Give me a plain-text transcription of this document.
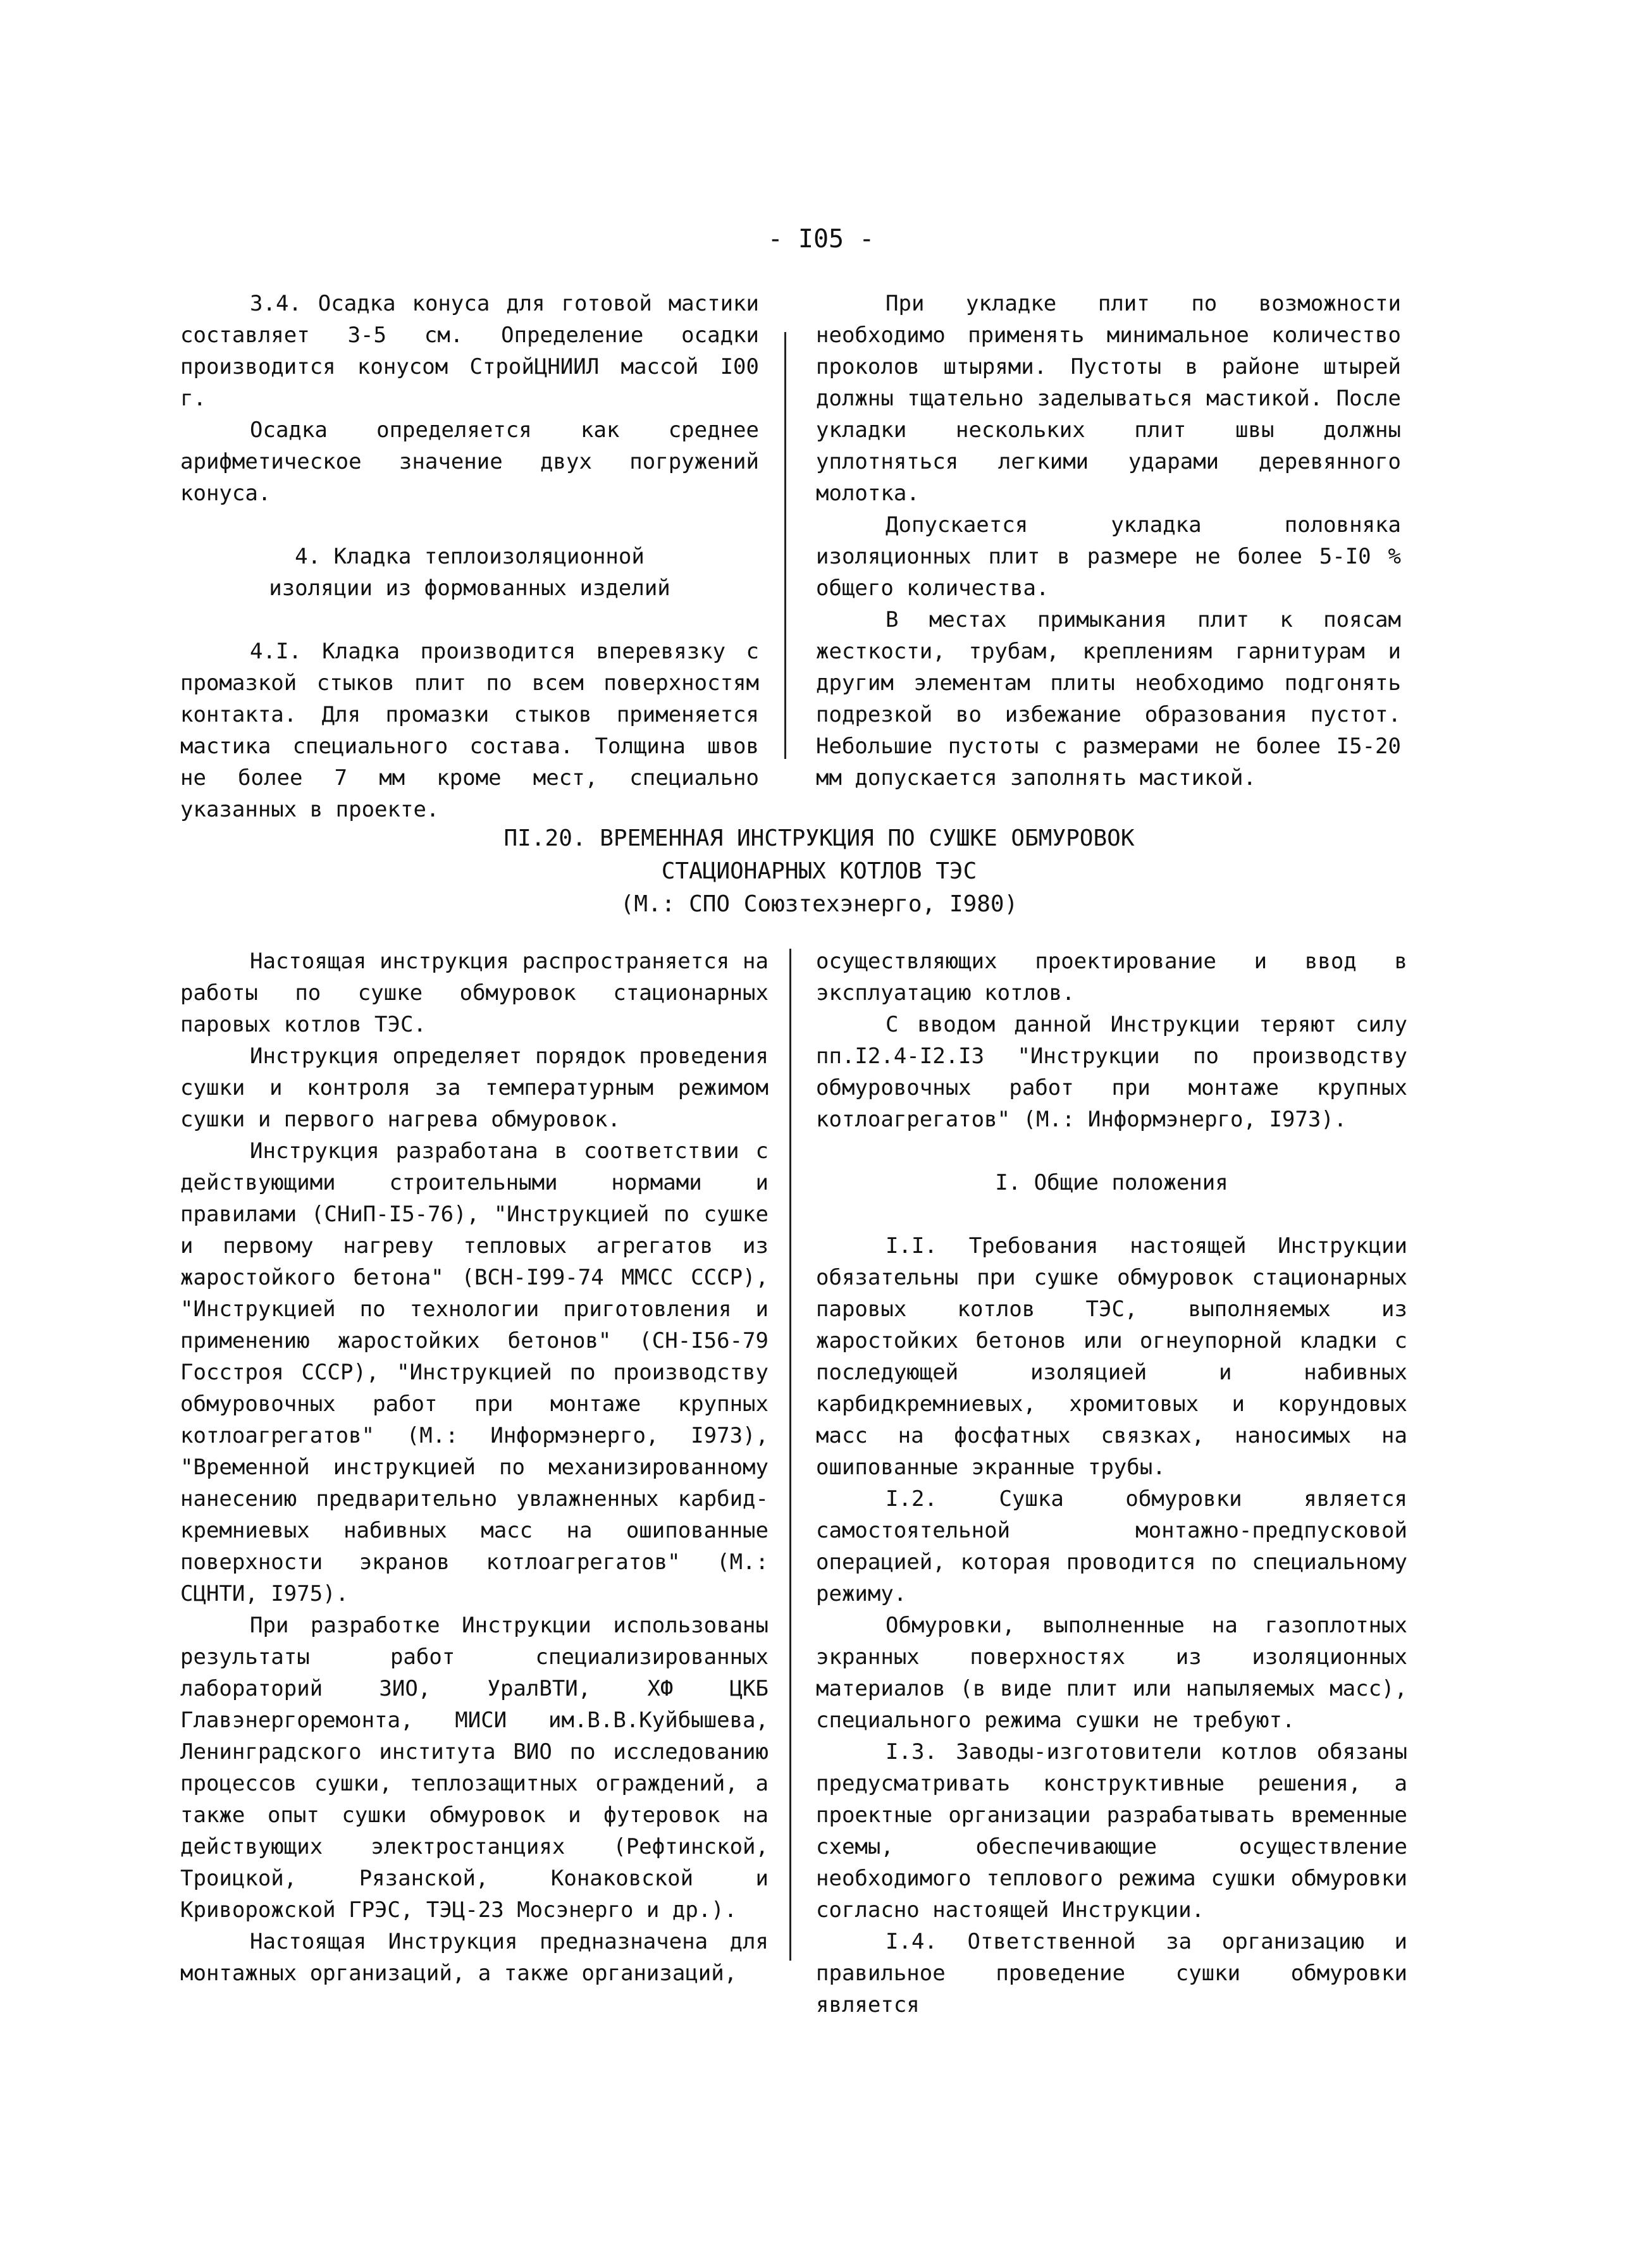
- I05 -

3.4. Осадка конуса для готовой мастики составляет 3-5 см. Определение осадки производится конусом СтройЦНИИЛ массой I00 г.

Осадка определяется как среднее арифметическое значение двух погружений конуса.

4. Кладка теплоизоляционной изоляции из формованных изделий

4.I. Кладка производится вперевязку с промазкой стыков плит по всем поверхностям контакта. Для промазки стыков применяется мастика специального состава. Толщина швов не более 7 мм кроме мест, специально указанных в проекте.

При укладке плит по возможности необходимо применять минимальное количество проколов штырями. Пустоты в районе штырей должны тщательно заделываться мастикой. После укладки нескольких плит швы должны уплотняться легкими ударами деревянного молотка.

Допускается укладка половняка изоляционных плит в размере не более 5-I0 % общего количества.

В местах примыкания плит к поясам жесткости, трубам, креплениям гарнитурам и другим элементам плиты необходимо подгонять подрезкой во избежание образования пустот. Небольшие пустоты с размерами не более I5-20 мм допускается заполнять мастикой.

ПI.20. ВРЕМЕННАЯ ИНСТРУКЦИЯ ПО СУШКЕ ОБМУРОВОК
СТАЦИОНАРНЫХ КОТЛОВ ТЭС
(М.: СПО Союзтехэнерго, I980)

Настоящая инструкция распространяется на работы по сушке обмуровок стационарных паровых котлов ТЭС.

Инструкция определяет порядок проведения сушки и контроля за температурным режимом сушки и первого нагрева обмуровок.

Инструкция разработана в соответствии с действующими строительными нормами и правилами (СНиП-I5-76), "Инструкцией по сушке и первому нагреву тепловых агрегатов из жаростойкого бетона" (ВСН-I99-74 ММСС СССР), "Инструкцией по технологии приготовления и применению жаростойких бетонов" (СН-I56-79 Госстроя СССР), "Инструкцией по производству обмуровочных работ при монтаже крупных котлоагрегатов" (М.: Информэнерго, I973), "Временной инструкцией по механизированному нанесению предварительно увлажненных карбид-кремниевых набивных масс на ошипованные поверхности экранов котлоагрегатов" (М.: СЦНТИ, I975).

При разработке Инструкции использованы результаты работ специализированных лабораторий ЗИО, УралВТИ, ХФ ЦКБ Главэнергоремонта, МИСИ им.В.В.Куйбышева, Ленинградского института ВИО по исследованию процессов сушки, теплозащитных ограждений, а также опыт сушки обмуровок и футеровок на действующих электростанциях (Рефтинской, Троицкой, Рязанской, Конаковской и Криворожской ГРЭС, ТЭЦ-23 Мосэнерго и др.).

Настоящая Инструкция предназначена для монтажных организаций, а также организаций,

осуществляющих проектирование и ввод в эксплуатацию котлов.

С вводом данной Инструкции теряют силу пп.I2.4-I2.I3 "Инструкции по производству обмуровочных работ при монтаже крупных котлоагрегатов" (М.: Информэнерго, I973).

I. Общие положения

I.I. Требования настоящей Инструкции обязательны при сушке обмуровок стационарных паровых котлов ТЭС, выполняемых из жаростойких бетонов или огнеупорной кладки с последующей изоляцией и набивных карбидкремниевых, хромитовых и корундовых масс на фосфатных связках, наносимых на ошипованные экранные трубы.

I.2. Сушка обмуровки является самостоятельной монтажно-предпусковой операцией, которая проводится по специальному режиму.

Обмуровки, выполненные на газоплотных экранных поверхностях из изоляционных материалов (в виде плит или напыляемых масс), специального режима сушки не требуют.

I.3. Заводы-изготовители котлов обязаны предусматривать конструктивные решения, а проектные организации разрабатывать временные схемы, обеспечивающие осуществление необходимого теплового режима сушки обмуровки согласно настоящей Инструкции.

I.4. Ответственной за организацию и правильное проведение сушки обмуровки является
